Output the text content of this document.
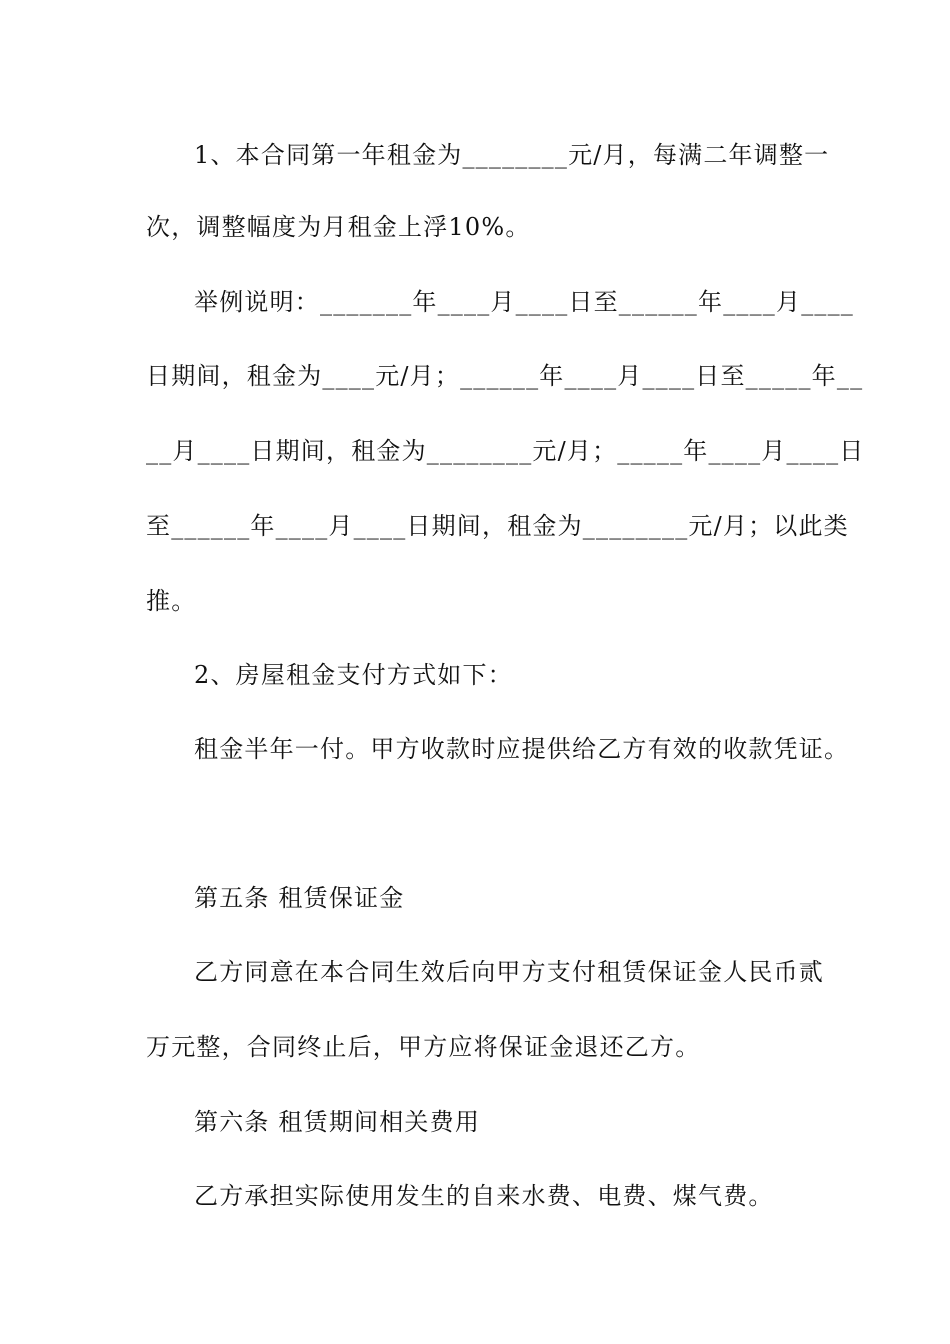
1、本合同第一年租金为________元/月，每满二年调整一
次，调整幅度为月租金上浮10%。
举例说明：_______年____月____日至______年____月____
日期间，租金为____元/月；______年____月____日至_____年__
__月____日期间，租金为________元/月；_____年____月____日
至______年____月____日期间，租金为________元/月；以此类
推。
2、房屋租金支付方式如下：
租金半年一付。甲方收款时应提供给乙方有效的收款凭证。
第五条 租赁保证金
乙方同意在本合同生效后向甲方支付租赁保证金人民币贰
万元整，合同终止后，甲方应将保证金退还乙方。
第六条 租赁期间相关费用
乙方承担实际使用发生的自来水费、电费、煤气费。
